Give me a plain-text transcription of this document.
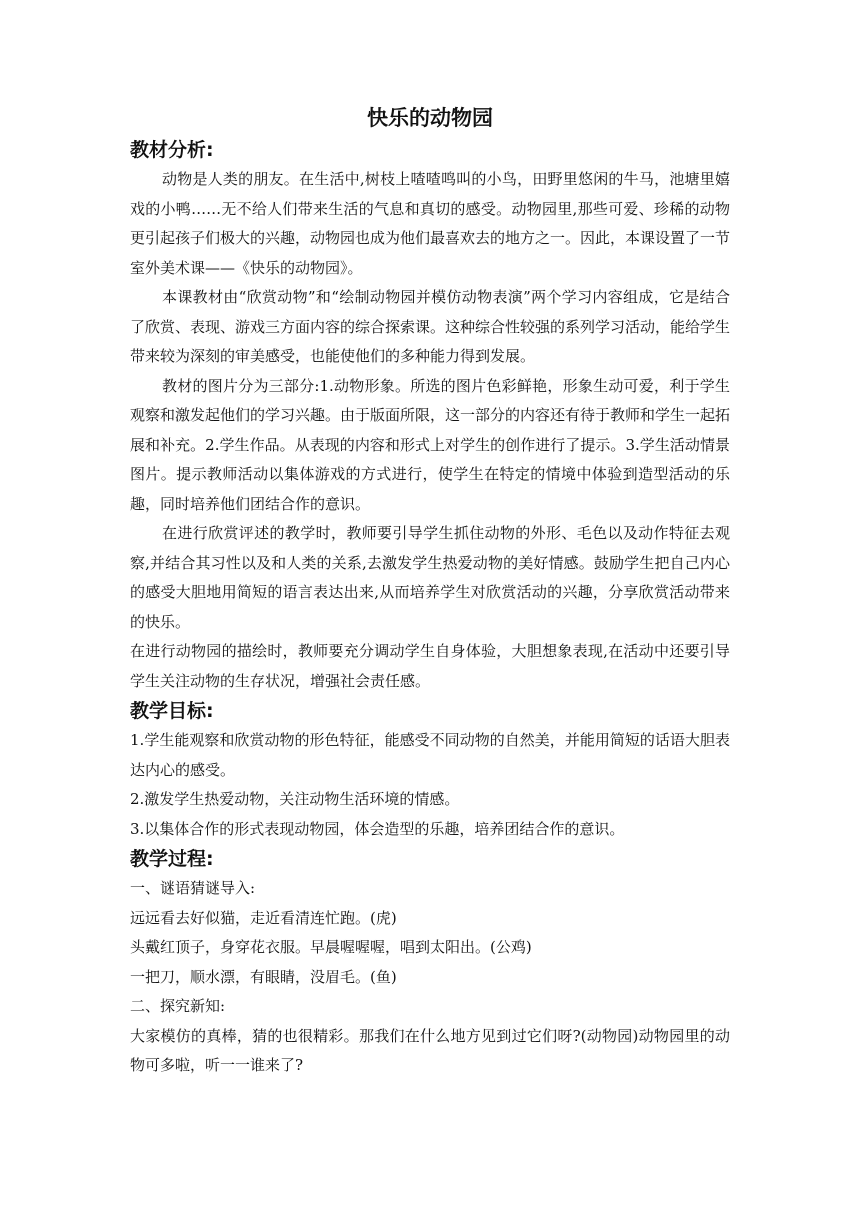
快乐的动物园
教材分析:

动物是人类的朋友。在生活中,树枝上喳喳鸣叫的小鸟，田野里悠闲的牛马，池塘里嬉戏的小鸭……无不给人们带来生活的气息和真切的感受。动物园里,那些可爱、珍稀的动物更引起孩子们极大的兴趣，动物园也成为他们最喜欢去的地方之一。因此，本课设置了一节室外美术课——《快乐的动物园》。

本课教材由“欣赏动物”和“绘制动物园并模仿动物表演”两个学习内容组成，它是结合了欣赏、表现、游戏三方面内容的综合探索课。这种综合性较强的系列学习活动，能给学生带来较为深刻的审美感受，也能使他们的多种能力得到发展。

教材的图片分为三部分:1.动物形象。所选的图片色彩鲜艳，形象生动可爱，利于学生观察和激发起他们的学习兴趣。由于版面所限，这一部分的内容还有待于教师和学生一起拓展和补充。2.学生作品。从表现的内容和形式上对学生的创作进行了提示。3.学生活动情景图片。提示教师活动以集体游戏的方式进行，使学生在特定的情境中体验到造型活动的乐趣，同时培养他们团结合作的意识。

在进行欣赏评述的教学时，教师要引导学生抓住动物的外形、毛色以及动作特征去观察,并结合其习性以及和人类的关系,去激发学生热爱动物的美好情感。鼓励学生把自己内心的感受大胆地用简短的语言表达出来,从而培养学生对欣赏活动的兴趣，分享欣赏活动带来的快乐。

在进行动物园的描绘时，教师要充分调动学生自身体验，大胆想象表现,在活动中还要引导学生关注动物的生存状况，增强社会责任感。

教学目标:

1.学生能观察和欣赏动物的形色特征，能感受不同动物的自然美，并能用简短的话语大胆表达内心的感受。

2.激发学生热爱动物，关注动物生活环境的情感。

3.以集体合作的形式表现动物园，体会造型的乐趣，培养团结合作的意识。

教学过程:

一、谜语猜谜导入:

远远看去好似猫，走近看清连忙跑。(虎)

头戴红顶子，身穿花衣服。早晨喔喔喔，唱到太阳出。(公鸡)

一把刀，顺水漂，有眼睛，没眉毛。(鱼)

二、探究新知:

大家模仿的真棒，猜的也很精彩。那我们在什么地方见到过它们呀?(动物园)动物园里的动物可多啦，听一一谁来了?
